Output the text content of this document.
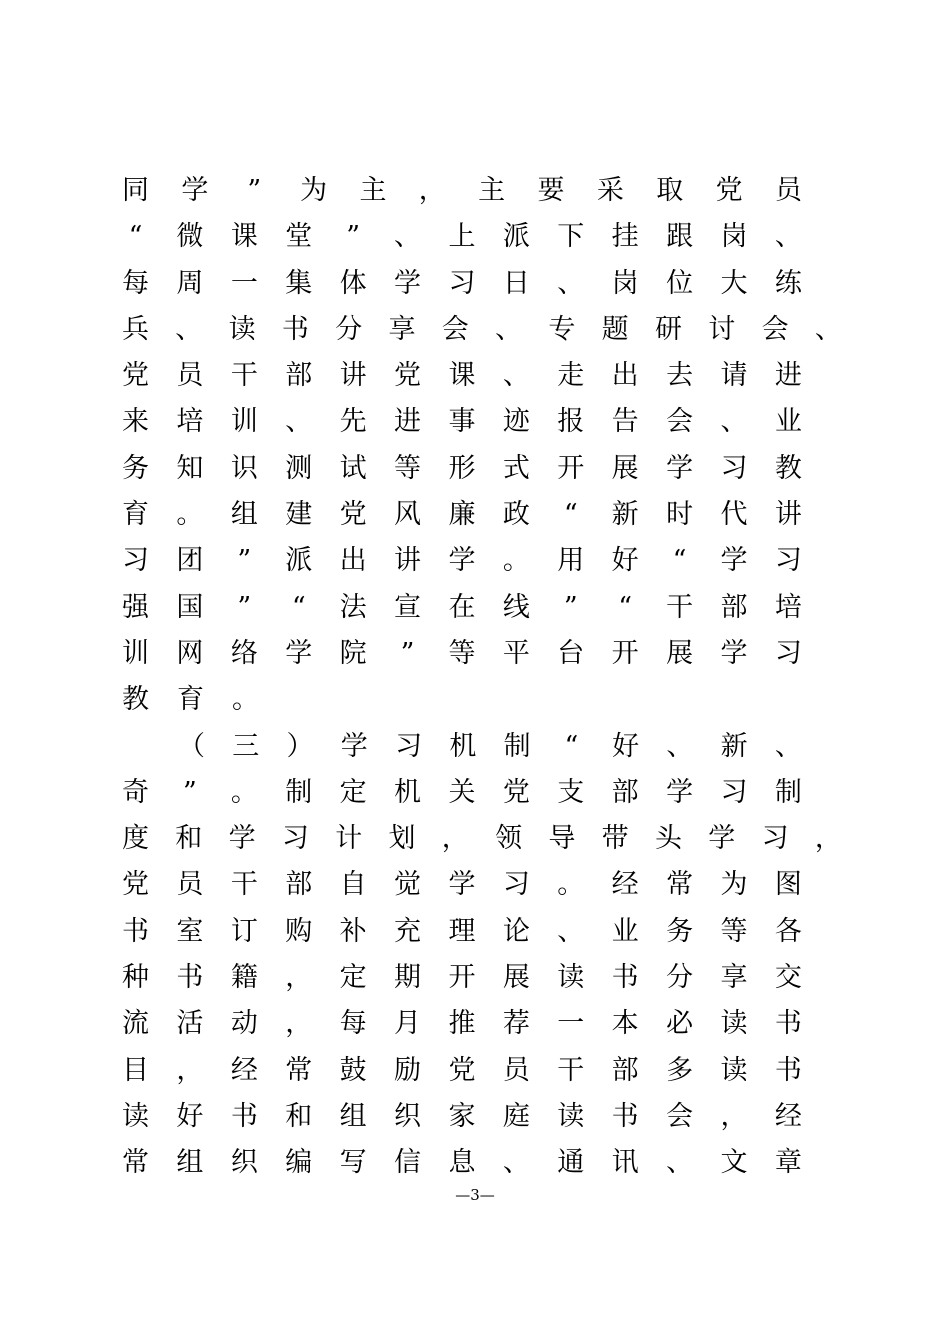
同 学 ” 为 主 ， 主 要 采 取 党 员
“ 微 课 堂 ” 、 上 派 下 挂 跟 岗 、
每 周 一 集 体 学 习 日 、 岗 位 大 练
兵 、 读 书 分 享 会 、 专 题 研 讨 会 、
党 员 干 部 讲 党 课 、 走 出 去 请 进
来 培 训 、 先 进 事 迹 报 告 会 、 业
务 知 识 测 试 等 形 式 开 展 学 习 教
育 。 组 建 党 风 廉 政 “ 新 时 代 讲
习 团 ” 派 出 讲 学 。 用 好 “ 学 习
强 国 ” “ 法 宣 在 线 ” “ 干 部 培
训 网 络 学 院 ” 等 平 台 开 展 学 习
教 育 。
（ 三 ） 学 习 机 制 “ 好 、 新 、
奇 ” 。 制 定 机 关 党 支 部 学 习 制
度 和 学 习 计 划 ， 领 导 带 头 学 习 ，
党 员 干 部 自 觉 学 习 。 经 常 为 图
书 室 订 购 补 充 理 论 、 业 务 等 各
种 书 籍 ， 定 期 开 展 读 书 分 享 交
流 活 动 ， 每 月 推 荐 一 本 必 读 书
目 ， 经 常 鼓 励 党 员 干 部 多 读 书
读 好 书 和 组 织 家 庭 读 书 会 ， 经
常 组 织 编 写 信 息 、 通 讯 、 文 章
—3—
